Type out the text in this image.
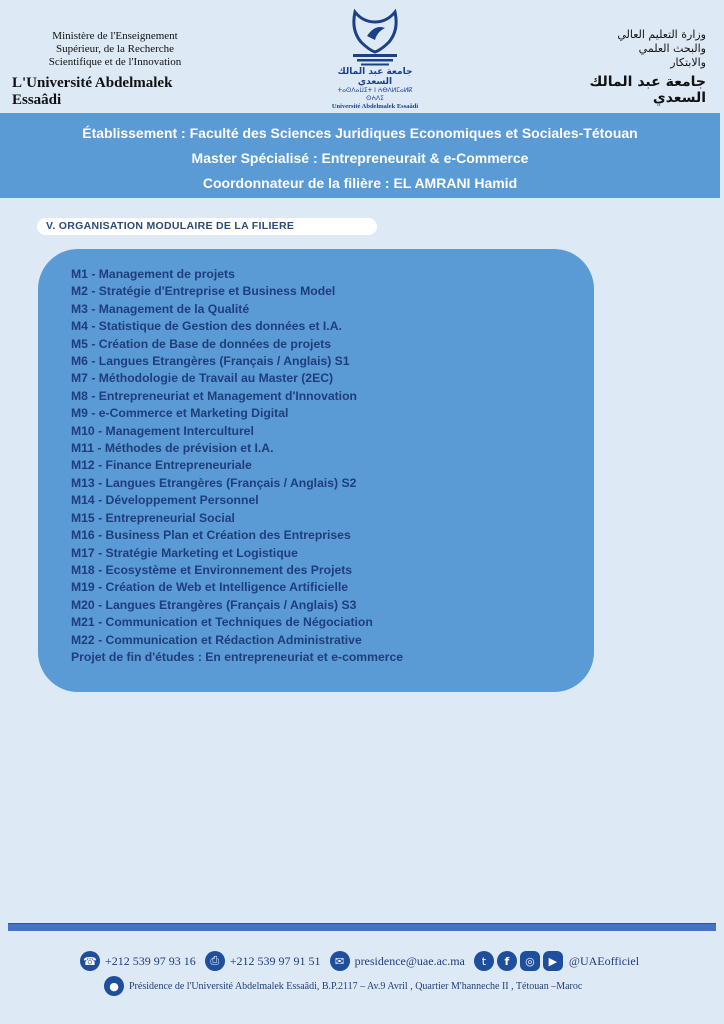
Ministère de l'Enseignement
Supérieur, de la Recherche
Scientifique et de l'Innovation
L'Université Abdelmalek Essaâdi
جامعة عبد المالك السعدي
ⵜⴰⵙⴷⴰⵡⵉⵜ ⵏ ⵄⴱⴷⵍⵎⴰⵍⴽ ⵙⵄⴷⵉ
Université Abdelmalek Essaâdi
وزارة التعليم العالي
والبحث العلمي
والابتكار
جامعة عبد المالك السعدي
Établissement : Faculté des Sciences Juridiques Economiques et Sociales-Tétouan
Master Spécialisé : Entrepreneurait & e-Commerce
Coordonnateur de la filière : EL AMRANI Hamid
V. ORGANISATION MODULAIRE DE LA FILIERE
M1 - Management de projets
M2 - Stratégie d'Entreprise et Business Model
M3 - Management de la Qualité
M4 - Statistique de Gestion des données et I.A.
M5 - Création de Base de données de projets
M6 - Langues Etrangères (Français / Anglais) S1
M7 - Méthodologie de Travail au Master (2EC)
M8 - Entrepreneuriat et Management d'Innovation
M9 - e-Commerce et Marketing Digital
M10 - Management Interculturel
M11 - Méthodes de prévision et I.A.
M12 - Finance Entrepreneuriale
M13 - Langues Etrangères (Français / Anglais) S2
M14 - Développement Personnel
M15 - Entrepreneurial Social
M16 - Business Plan et Création des Entreprises
M17 - Stratégie Marketing et Logistique
M18 - Ecosystème et Environnement des Projets
M19 - Création de Web et Intelligence Artificielle
M20 - Langues Etrangères (Français / Anglais) S3
M21 - Communication et Techniques de Négociation
M22 - Communication et Rédaction Administrative
Projet de fin d'études : En entrepreneuriat et e-commerce
☎ +212 539 97 93 16	⎙ +212 539 97 91 51	✉ presidence@uae.ac.ma	t	f	◎	▶ @UAEofficiel
●	Présidence de l'Université Abdelmalek Essaâdi, B.P.2117 – Av.9 Avril , Quartier M'hanneche II , Tétouan –Maroc
